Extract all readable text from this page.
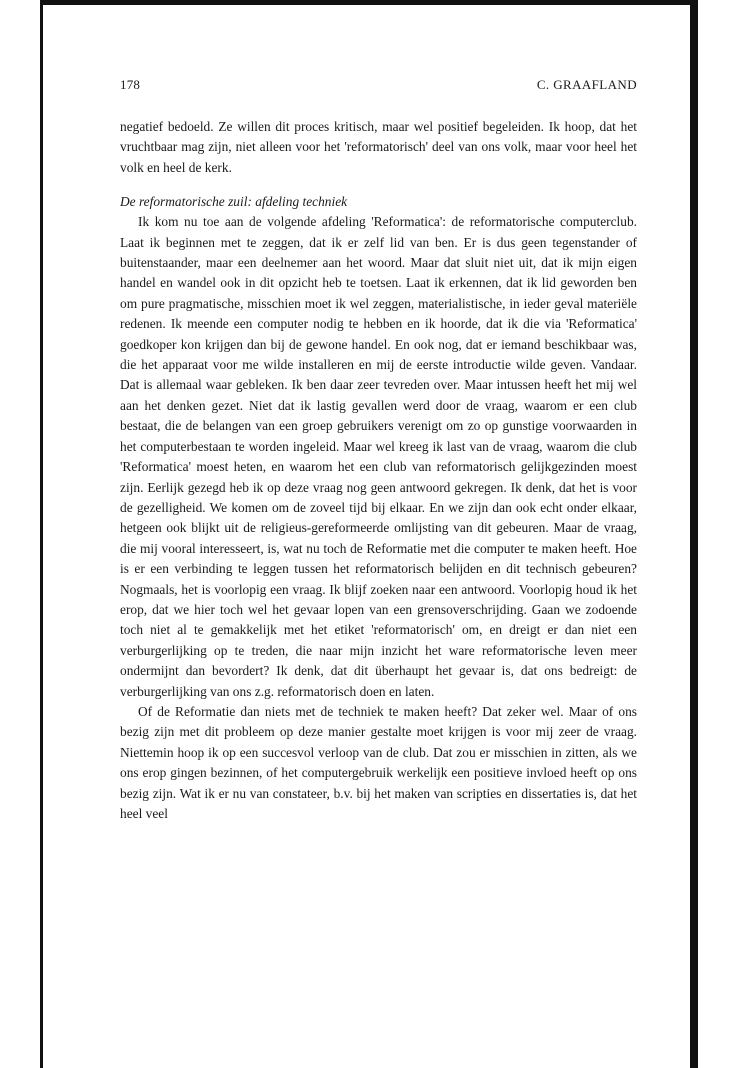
178	C. GRAAFLAND

negatief bedoeld. Ze willen dit proces kritisch, maar wel positief begeleiden. Ik hoop, dat het vruchtbaar mag zijn, niet alleen voor het 'reformatorisch' deel van ons volk, maar voor heel het volk en heel de kerk.

De reformatorische zuil: afdeling techniek

Ik kom nu toe aan de volgende afdeling 'Reformatica': de reformatorische computerclub. Laat ik beginnen met te zeggen, dat ik er zelf lid van ben. Er is dus geen tegenstander of buitenstaander, maar een deelnemer aan het woord. Maar dat sluit niet uit, dat ik mijn eigen handel en wandel ook in dit opzicht heb te toetsen. Laat ik erkennen, dat ik lid geworden ben om pure pragmatische, misschien moet ik wel zeggen, materialistische, in ieder geval materiële redenen. Ik meende een computer nodig te hebben en ik hoorde, dat ik die via 'Reformatica' goedkoper kon krijgen dan bij de gewone handel. En ook nog, dat er iemand beschikbaar was, die het apparaat voor me wilde installeren en mij de eerste introductie wilde geven. Vandaar. Dat is allemaal waar gebleken. Ik ben daar zeer tevreden over. Maar intussen heeft het mij wel aan het denken gezet. Niet dat ik lastig gevallen werd door de vraag, waarom er een club bestaat, die de belangen van een groep gebruikers verenigt om zo op gunstige voorwaarden in het computerbestaan te worden ingeleid. Maar wel kreeg ik last van de vraag, waarom die club 'Reformatica' moest heten, en waarom het een club van reformatorisch gelijkgezinden moest zijn. Eerlijk gezegd heb ik op deze vraag nog geen antwoord gekregen. Ik denk, dat het is voor de gezelligheid. We komen om de zoveel tijd bij elkaar. En we zijn dan ook echt onder elkaar, hetgeen ook blijkt uit de religieus-gereformeerde omlijsting van dit gebeuren. Maar de vraag, die mij vooral interesseert, is, wat nu toch de Reformatie met die computer te maken heeft. Hoe is er een verbinding te leggen tussen het reformatorisch belijden en dit technisch gebeuren? Nogmaals, het is voorlopig een vraag. Ik blijf zoeken naar een antwoord. Voorlopig houd ik het erop, dat we hier toch wel het gevaar lopen van een grensoverschrijding. Gaan we zodoende toch niet al te gemakkelijk met het etiket 'reformatorisch' om, en dreigt er dan niet een verburgerlijking op te treden, die naar mijn inzicht het ware reformatorische leven meer ondermijnt dan bevordert? Ik denk, dat dit überhaupt het gevaar is, dat ons bedreigt: de verburgerlijking van ons z.g. reformatorisch doen en laten.

Of de Reformatie dan niets met de techniek te maken heeft? Dat zeker wel. Maar of ons bezig zijn met dit probleem op deze manier gestalte moet krijgen is voor mij zeer de vraag. Niettemin hoop ik op een succesvol verloop van de club. Dat zou er misschien in zitten, als we ons erop gingen bezinnen, of het computergebruik werkelijk een positieve invloed heeft op ons bezig zijn. Wat ik er nu van constateer, b.v. bij het maken van scripties en dissertaties is, dat het heel veel
